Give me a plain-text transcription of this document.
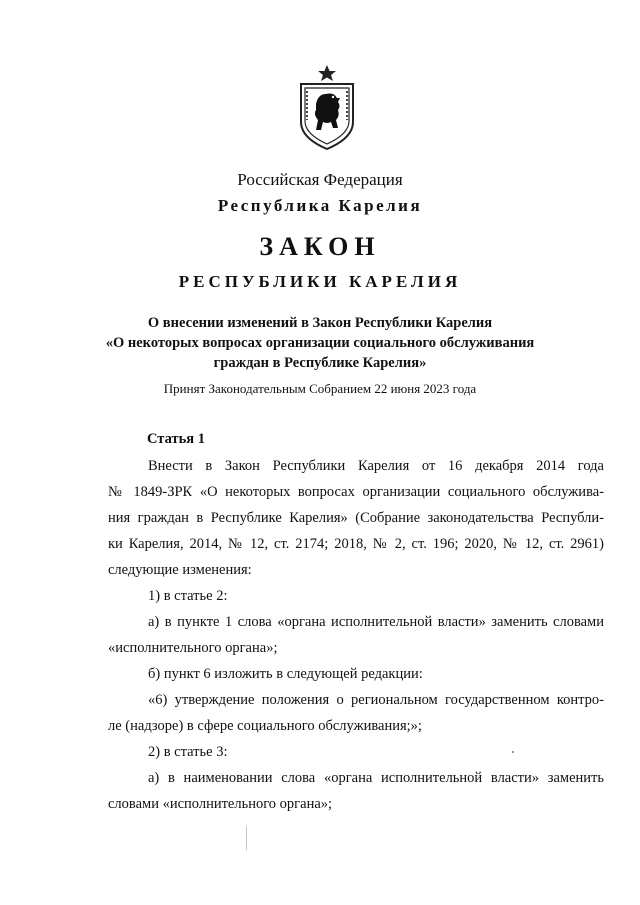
Российская Федерация
Республика Карелия
ЗАКОН
РЕСПУБЛИКИ КАРЕЛИЯ
О внесении изменений в Закон Республики Карелия
«О некоторых вопросах организации социального обслуживания
граждан в Республике Карелия»
Принят Законодательным Собранием 22 июня 2023 года
Статья 1
Внести в Закон Республики Карелия от 16 декабря 2014 года
№ 1849-ЗРК «О некоторых вопросах организации социального обслужива-
ния граждан в Республике Карелия» (Собрание законодательства Республи-
ки Карелия, 2014, № 12, ст. 2174; 2018, № 2, ст. 196; 2020, № 12, ст. 2961)
следующие изменения:
1) в статье 2:
а) в пункте 1 слова «органа исполнительной власти» заменить словами
«исполнительного органа»;
б) пункт 6 изложить в следующей редакции:
«6) утверждение положения о региональном государственном контро-
ле (надзоре) в сфере социального обслуживания;»;
2) в статье 3:
а) в наименовании слова «органа исполнительной власти» заменить
словами «исполнительного органа»;
